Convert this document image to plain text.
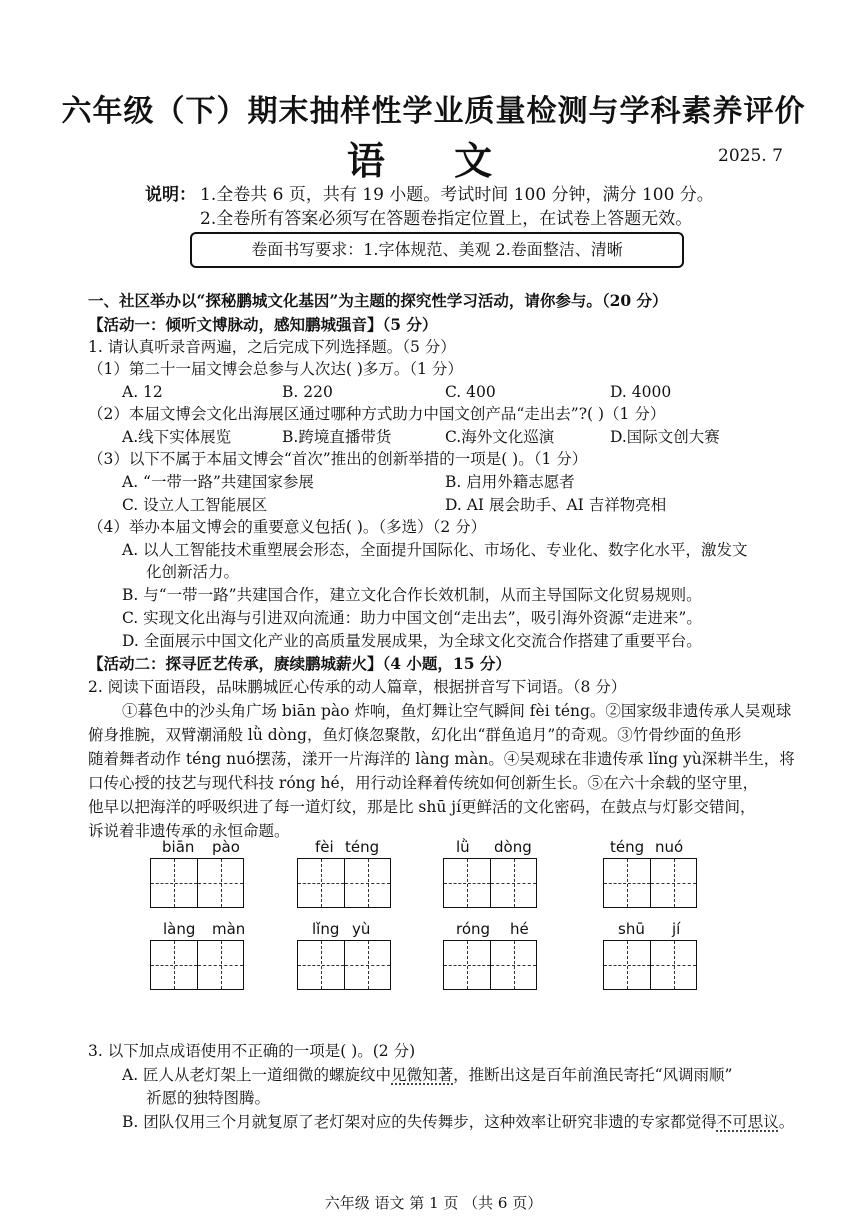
六年级（下）期末抽样性学业质量检测与学科素养评价
语 文	2025. 7
说明： 1.全卷共 6 页，共有 19 小题。考试时间 100 分钟，满分 100 分。
2.全卷所有答案必须写在答题卷指定位置上，在试卷上答题无效。
卷面书写要求：1.字体规范、美观 2.卷面整洁、清晰
一、社区举办以“探秘鹏城文化基因”为主题的探究性学习活动，请你参与。（20 分）
【活动一：倾听文博脉动，感知鹏城强音】（5 分）
1. 请认真听录音两遍，之后完成下列选择题。（5 分）
（1）第二十一届文博会总参与人次达( )多万。（1 分）
A. 12	B. 220	C. 400	D. 4000
（2）本届文博会文化出海展区通过哪种方式助力中国文创产品“走出去”?( )（1 分）
A.线下实体展览	B.跨境直播带货	C.海外文化巡演	D.国际文创大赛
（3）以下不属于本届文博会“首次”推出的创新举措的一项是( )。（1 分）
A. “一带一路”共建国家参展	B. 启用外籍志愿者
C. 设立人工智能展区	D. AI 展会助手、AI 吉祥物亮相
（4）举办本届文博会的重要意义包括( )。（多选）（2 分）
A. 以人工智能技术重塑展会形态，全面提升国际化、市场化、专业化、数字化水平，激发文
化创新活力。
B. 与“一带一路”共建国合作，建立文化合作长效机制，从而主导国际文化贸易规则。
C. 实现文化出海与引进双向流通：助力中国文创“走出去”，吸引海外资源“走进来”。
D. 全面展示中国文化产业的高质量发展成果，为全球文化交流合作搭建了重要平台。
【活动二：探寻匠艺传承，赓续鹏城薪火】（4 小题，15 分）
2. 阅读下面语段，品味鹏城匠心传承的动人篇章，根据拼音写下词语。（8 分）
①暮色中的沙头角广场 biān pào 炸响，鱼灯舞让空气瞬间 fèi téng。②国家级非遗传承人吴观球
俯身推腕，双臂潮涌般 lǜ dòng，鱼灯倏忽聚散，幻化出“群鱼追月”的奇观。③竹骨纱面的鱼形
随着舞者动作 téng nuó摆荡，漾开一片海洋的 làng màn。④吴观球在非遗传承 lǐng yù深耕半生，将
口传心授的技艺与现代科技 róng hé，用行动诠释着传统如何创新生长。⑤在六十余载的坚守里，
他早以把海洋的呼吸织进了每一道灯纹，那是比 shū jí更鲜活的文化密码，在鼓点与灯影交错间，
诉说着非遗传承的永恒命题。
biān pào	fèi téng	lǜ dòng	téng nuó
làng màn	lǐng yù	róng hé	shū jí
3. 以下加点成语使用不正确的一项是( )。(2 分)
A. 匠人从老灯架上一道细微的螺旋纹中见微知著，推断出这是百年前渔民寄托“风调雨顺”
祈愿的独特图腾。
B. 团队仅用三个月就复原了老灯架对应的失传舞步，这种效率让研究非遗的专家都觉得不可思议。
六年级 语文 第 1 页 （共 6 页）
